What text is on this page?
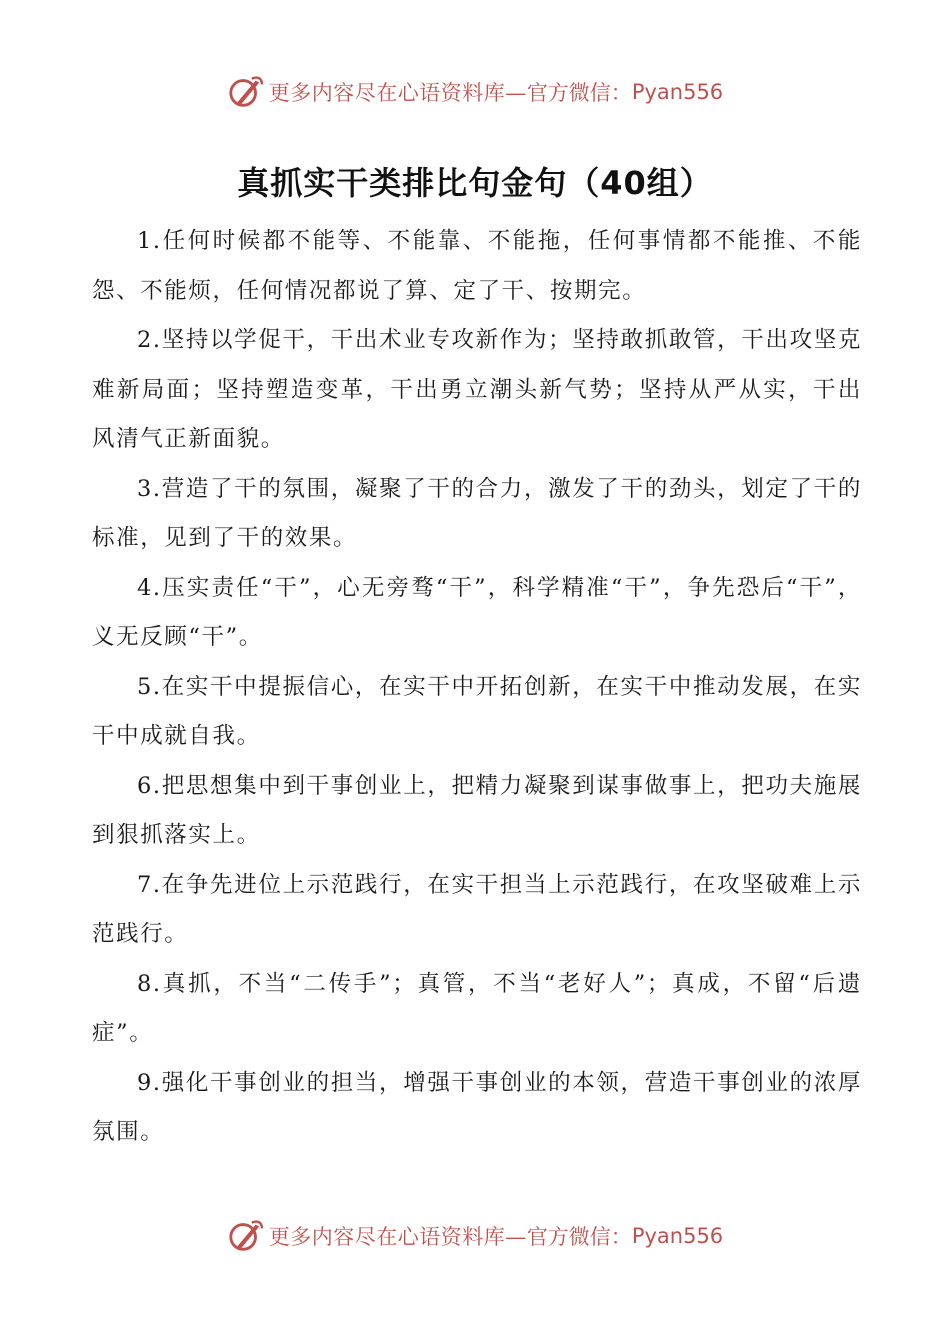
更多内容尽在心语资料库— 官方微信： Pyan556
真抓实干类排比句金句（40组）

1.任何时候都不能等、不能靠、不能拖，任何事情都不能推、不能怨、不能烦，任何情况都说了算、定了干、按期完。

2.坚持以学促干，干出术业专攻新作为；坚持敢抓敢管，干出攻坚克难新局面；坚持塑造变革，干出勇立潮头新气势；坚持从严从实，干出风清气正新面貌。

3.营造了干的氛围，凝聚了干的合力，激发了干的劲头，划定了干的标准，见到了干的效果。

4.压实责任“干”，心无旁骛“干”，科学精准“干”，争先恐后“干”，义无反顾“干”。

5.在实干中提振信心，在实干中开拓创新，在实干中推动发展，在实干中成就自我。

6.把思想集中到干事创业上，把精力凝聚到谋事做事上，把功夫施展到狠抓落实上。

7.在争先进位上示范践行，在实干担当上示范践行，在攻坚破难上示范践行。

8.真抓，不当“二传手”；真管，不当“老好人”；真成，不留“后遗症”。

9.强化干事创业的担当，增强干事创业的本领，营造干事创业的浓厚氛围。

更多内容尽在心语资料库— 官方微信： Pyan556
